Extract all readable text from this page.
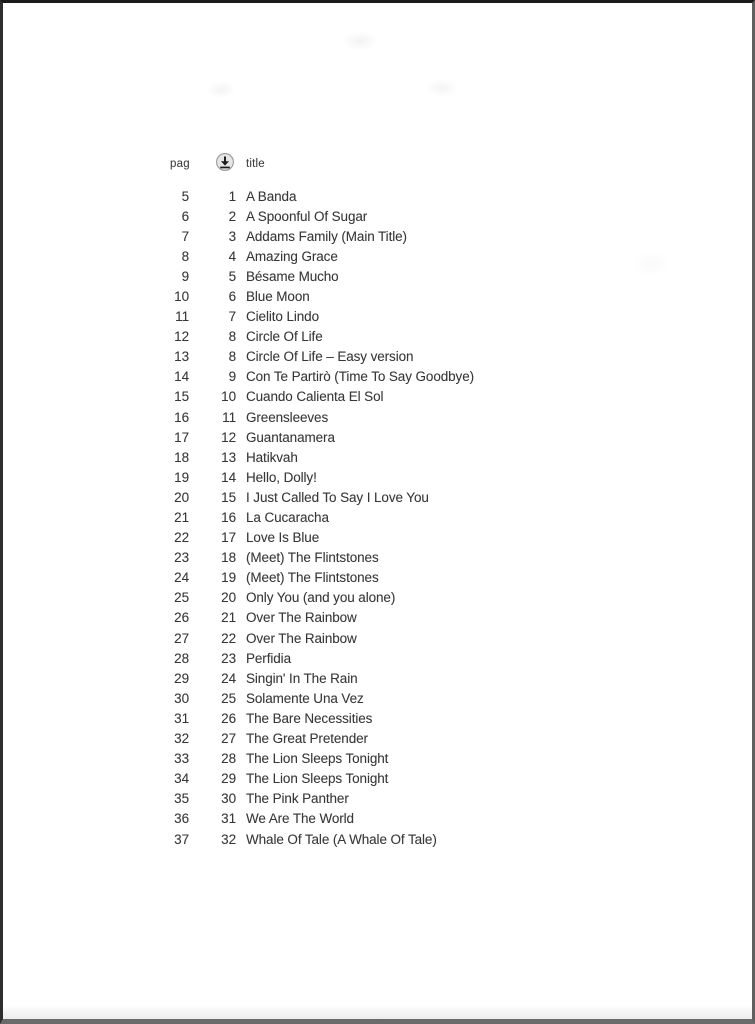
pag	title
5	1 A Banda
6	2 A Spoonful Of Sugar
7	3 Addams Family (Main Title)
8	4 Amazing Grace
9	5 Bésame Mucho
10	6 Blue Moon
11	7 Cielito Lindo
12	8 Circle Of Life
13	8 Circle Of Life – Easy version
14	9 Con Te Partirò (Time To Say Goodbye)
15	10 Cuando Calienta El Sol
16	11 Greensleeves
17	12 Guantanamera
18	13 Hatikvah
19	14 Hello, Dolly!
20	15 I Just Called To Say I Love You
21	16 La Cucaracha
22	17 Love Is Blue
23	18 (Meet) The Flintstones
24	19 (Meet) The Flintstones
25	20 Only You (and you alone)
26	21 Over The Rainbow
27	22 Over The Rainbow
28	23 Perfidia
29	24 Singin' In The Rain
30	25 Solamente Una Vez
31	26 The Bare Necessities
32	27 The Great Pretender
33	28 The Lion Sleeps Tonight
34	29 The Lion Sleeps Tonight
35	30 The Pink Panther
36	31 We Are The World
37	32 Whale Of Tale (A Whale Of Tale)
